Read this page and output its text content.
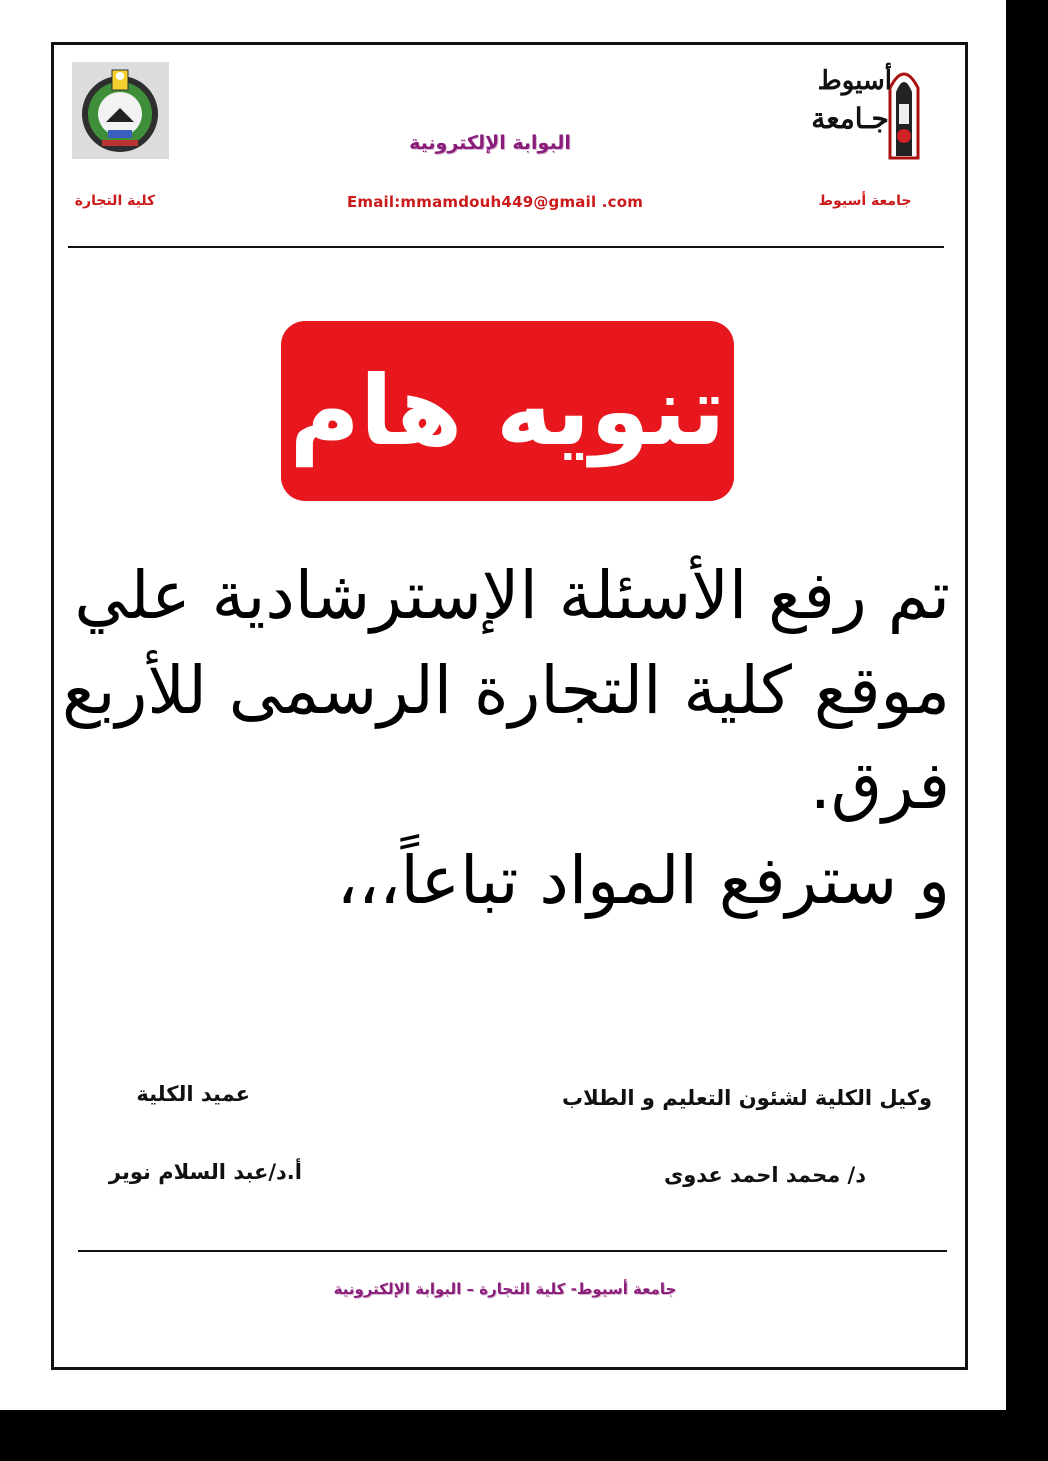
أسيوط
جـامعة
البوابة الإلكترونية
كلية التجارة	Email:mmamdouh449@gmail .com	جامعة أسيوط
تنويه هام

تم رفع الأسئلة الإسترشادية علي

موقع كلية التجارة الرسمى للأربع

فرق.

و سترفع المواد تباعاً،،،

وكيل الكلية لشئون التعليم و الطلاب
عميد الكلية
د/ محمد احمد عدوى
أ.د/عبد السلام نوير
جامعة أسيوط- كلية التجارة – البوابة الإلكترونية
